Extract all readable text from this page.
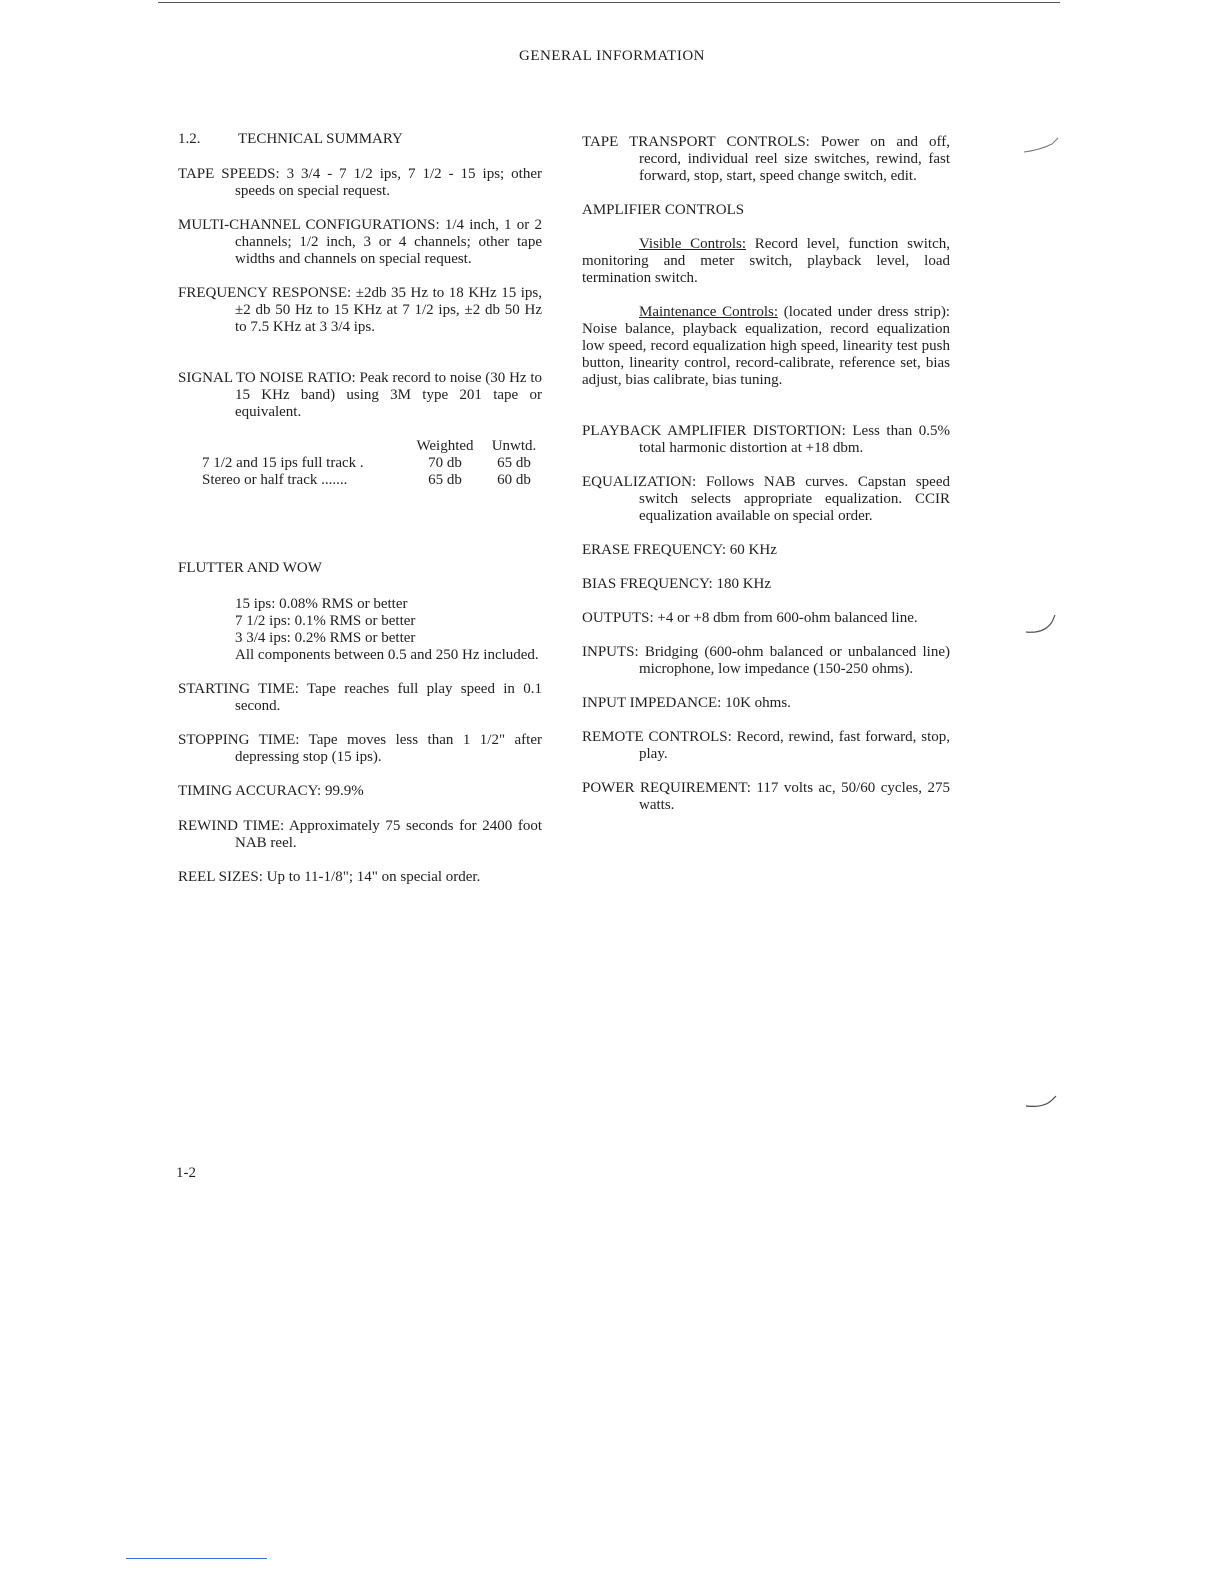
GENERAL INFORMATION

1.2.	TECHNICAL SUMMARY

TAPE SPEEDS: 3 3/4 - 7 1/2 ips, 7 1/2 - 15 ips; other speeds on special request.

MULTI-CHANNEL CONFIGURATIONS: 1/4 inch, 1 or 2 channels; 1/2 inch, 3 or 4 channels; other tape widths and channels on special request.

FREQUENCY RESPONSE: ±2db 35 Hz to 18 KHz 15 ips, ±2 db 50 Hz to 15 KHz at 7 1/2 ips, ±2 db 50 Hz to 7.5 KHz at 3 3/4 ips.

SIGNAL TO NOISE RATIO: Peak record to noise (30 Hz to 15 KHz band) using 3M type 201 tape or equivalent.

	Weighted	Unwtd.
7 1/2 and 15 ips full track .	70 db	65 db
Stereo or half track .......	65 db	60 db

FLUTTER AND WOW

15 ips: 0.08% RMS or better

7 1/2 ips: 0.1% RMS or better

3 3/4 ips: 0.2% RMS or better

All components between 0.5 and 250 Hz included.

STARTING TIME: Tape reaches full play speed in 0.1 second.

STOPPING TIME: Tape moves less than 1 1/2" after depressing stop (15 ips).

TIMING ACCURACY: 99.9%

REWIND TIME: Approximately 75 seconds for 2400 foot NAB reel.

REEL SIZES: Up to 11-1/8"; 14" on special order.

TAPE TRANSPORT CONTROLS: Power on and off, record, individual reel size switches, rewind, fast forward, stop, start, speed change switch, edit.

AMPLIFIER CONTROLS

Visible Controls: Record level, function switch, monitoring and meter switch, playback level, load termination switch.

Maintenance Controls: (located under dress strip): Noise balance, playback equalization, record equalization low speed, record equalization high speed, linearity test push button, linearity control, record-calibrate, reference set, bias adjust, bias calibrate, bias tuning.

PLAYBACK AMPLIFIER DISTORTION: Less than 0.5% total harmonic distortion at +18 dbm.

EQUALIZATION: Follows NAB curves. Capstan speed switch selects appropriate equalization. CCIR equalization available on special order.

ERASE FREQUENCY: 60 KHz

BIAS FREQUENCY: 180 KHz

OUTPUTS: +4 or +8 dbm from 600-ohm balanced line.

INPUTS: Bridging (600-ohm balanced or unbalanced line) microphone, low impedance (150-250 ohms).

INPUT IMPEDANCE: 10K ohms.

REMOTE CONTROLS: Record, rewind, fast forward, stop, play.

POWER REQUIREMENT: 117 volts ac, 50/60 cycles, 275 watts.

1-2
